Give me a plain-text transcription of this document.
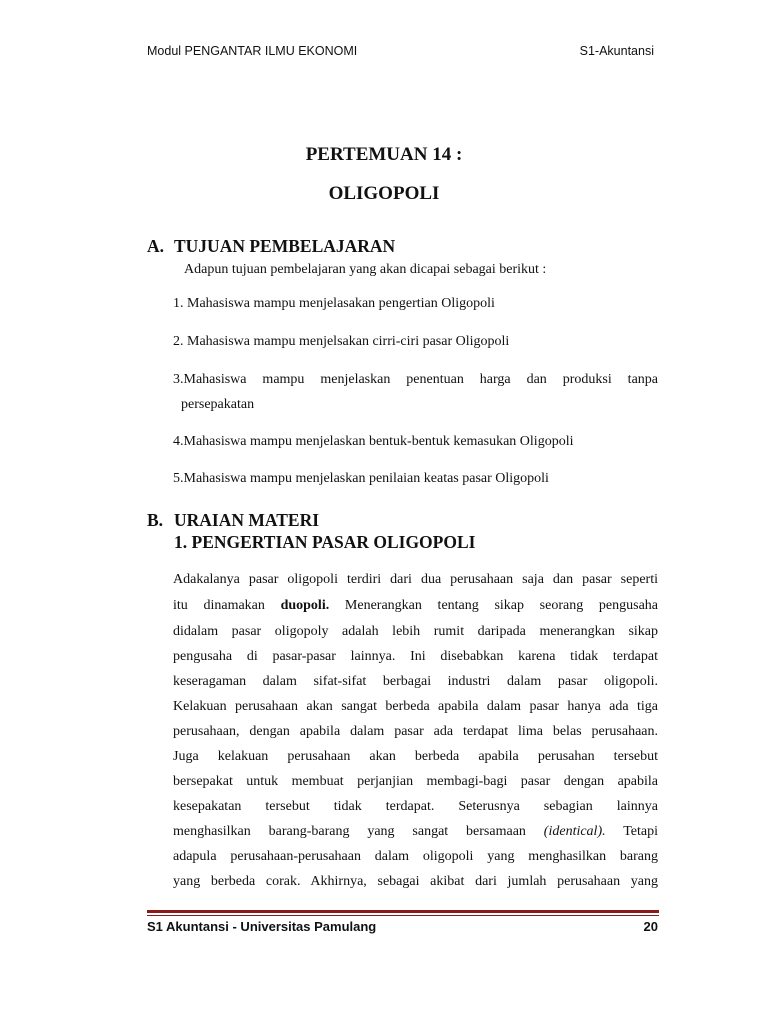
Modul PENGANTAR ILMU EKONOMI	S1-Akuntansi
PERTEMUAN 14 :
OLIGOPOLI
A. TUJUAN PEMBELAJARAN
Adapun tujuan pembelajaran yang akan dicapai sebagai berikut :
1. Mahasiswa mampu menjelasakan pengertian Oligopoli
2. Mahasiswa mampu menjelsakan cirri-ciri pasar Oligopoli
3.Mahasiswa mampu menjelaskan penentuan harga dan produksi tanpa
persepakatan
4.Mahasiswa mampu menjelaskan bentuk-bentuk kemasukan Oligopoli
5.Mahasiswa mampu menjelaskan penilaian keatas pasar Oligopoli
B. URAIAN MATERI
1. PENGERTIAN PASAR OLIGOPOLI
Adakalanya pasar oligopoli terdiri dari dua perusahaan saja dan pasar seperti
itu dinamakan duopoli. Menerangkan tentang sikap seorang pengusaha
didalam pasar oligopoly adalah lebih rumit daripada menerangkan sikap
pengusaha di pasar-pasar lainnya. Ini disebabkan karena tidak terdapat
keseragaman dalam sifat-sifat berbagai industri dalam pasar oligopoli.
Kelakuan perusahaan akan sangat berbeda apabila dalam pasar hanya ada tiga
perusahaan, dengan apabila dalam pasar ada terdapat lima belas perusahaan.
Juga kelakuan perusahaan akan berbeda apabila perusahan tersebut
bersepakat untuk membuat perjanjian membagi-bagi pasar dengan apabila
kesepakatan tersebut tidak terdapat. Seterusnya sebagian lainnya
menghasilkan barang-barang yang sangat bersamaan (identical). Tetapi
adapula perusahaan-perusahaan dalam oligopoli yang menghasilkan barang
yang berbeda corak. Akhirnya, sebagai akibat dari jumlah perusahaan yang
S1 Akuntansi - Universitas Pamulang	20
